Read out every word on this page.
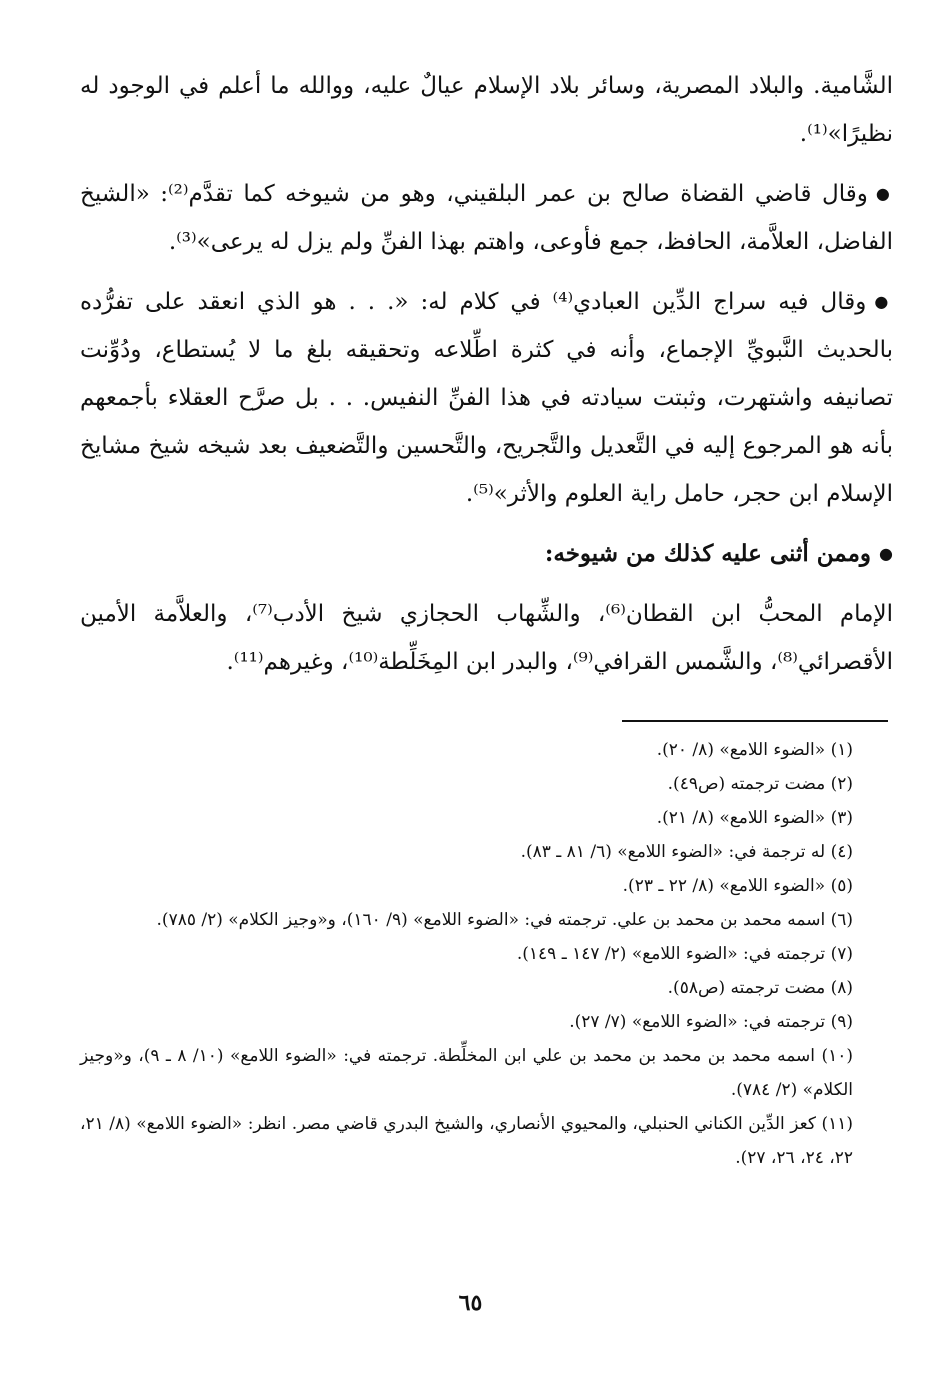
الشَّامية. والبلاد المصرية، وسائر بلاد الإسلام عيالٌ عليه، ووالله ما أعلم في الوجود له نظيرًا»⁽¹⁾.

●وقال قاضي القضاة صالح بن عمر البلقيني، وهو من شيوخه كما تقدَّم⁽²⁾: «الشيخ الفاضل، العلاَّمة، الحافظ، جمع فأوعى، واهتم بهذا الفنِّ ولم يزل له يرعى»⁽³⁾.

●وقال فيه سراج الدِّين العبادي⁽⁴⁾ في كلام له: «. . . هو الذي انعقد على تفرُّده بالحديث النَّبويِّ الإجماع، وأنه في كثرة اطِّلاعه وتحقيقه بلغ ما لا يُستطاع، ودُوِّنت تصانيفه واشتهرت، وثبتت سيادته في هذا الفنِّ النفيس. . . بل صرَّح العقلاء بأجمعهم بأنه هو المرجوع إليه في التَّعديل والتَّجريح، والتَّحسين والتَّضعيف بعد شيخه شيخ مشايخ الإسلام ابن حجر، حامل راية العلوم والأثر»⁽⁵⁾.

●وممن أثنى عليه كذلك من شيوخه:

الإمام المحبُّ ابن القطان⁽⁶⁾، والشِّهاب الحجازي شيخ الأدب⁽⁷⁾، والعلاَّمة الأمين الأقصرائي⁽⁸⁾، والشَّمس القرافي⁽⁹⁾، والبدر ابن المِخَلِّطة⁽¹⁰⁾، وغيرهم⁽¹¹⁾.

(١) «الضوء اللامع» (٨/ ٢٠).

(٢) مضت ترجمته (ص٤٩).

(٣) «الضوء اللامع» (٨/ ٢١).

(٤) له ترجمة في: «الضوء اللامع» (٦/ ٨١ ـ ٨٣).

(٥) «الضوء اللامع» (٨/ ٢٢ ـ ٢٣).

(٦) اسمه محمد بن محمد بن علي. ترجمته في: «الضوء اللامع» (٩/ ١٦٠)، و«وجيز الكلام» (٢/ ٧٨٥).

(٧) ترجمته في: «الضوء اللامع» (٢/ ١٤٧ ـ ١٤٩).

(٨) مضت ترجمته (ص٥٨).

(٩) ترجمته في: «الضوء اللامع» (٧/ ٢٧).

(١٠) اسمه محمد بن محمد بن محمد بن علي ابن المخلِّطة. ترجمته في: «الضوء اللامع» (١٠/ ٨ ـ ٩)، و«وجيز الكلام» (٢/ ٧٨٤).

(١١) كعز الدِّين الكناني الحنبلي، والمحيوي الأنصاري، والشيخ البدري قاضي مصر. انظر: «الضوء اللامع» (٨/ ٢١، ٢٢، ٢٤، ٢٦، ٢٧).

٦٥
